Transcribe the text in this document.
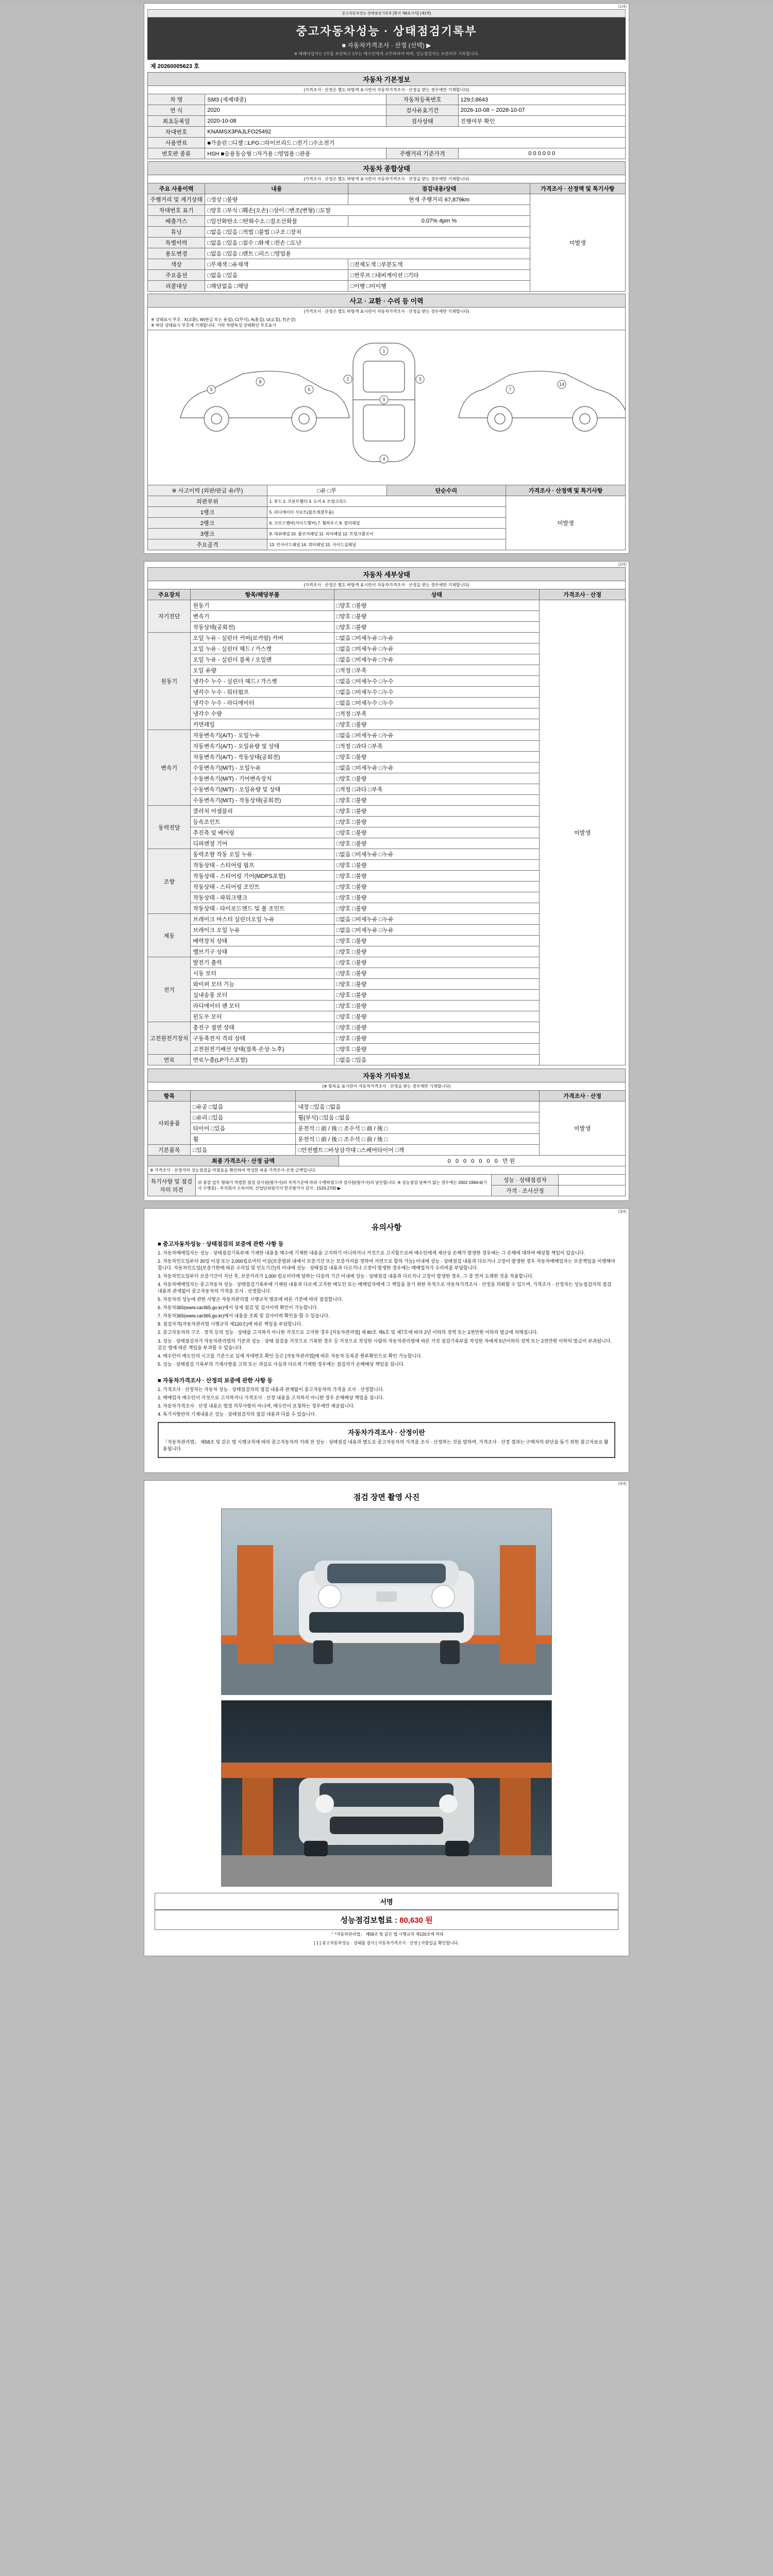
(1/4)
중고자동차성능·상태점검기록부 [별지 제6호서식] (제1쪽)
중고자동차성능 · 상태점검기록부
■ 자동차가격조사 · 산정 (선택) ▶
※ 매매사업자는 1부를 보관하고 1부는 매수인에게 교부하여야 하며, 성능점검자는 보관의무 기록합니다.
제 20260005623 호
자동차 기본정보
(가격조사 · 산정은 별도 바탕색 표시란이 자동차가격조사 · 산정을 받는 경우에만 기재합니다)
차 명	SM3 (세제대중)	자동차등록번호	129소8643
연 식	2020	검사유효기간	2026-10-08 ~ 2028-10-07
최초등록일	2020-10-08	검사상태	진행여부 확인
차대번호	KNAMSX3PAJLFO25492		
사용연료	■가솔린 □디젤 □LPG □하이브리드 □전기 □수소전기		
번호판 종류	HSH ■승용동승형 □자가용 □영업용 □관용	주행거리 기준가격	0 0 0 0 0 0
자동차 종합상태
(가격조사 · 산정은 별도 바탕색 표시란이 자동차가격조사 · 산정을 받는 경우에만 기재합니다)
주요 사용이력	내용	점검내용/상태	가격조사 · 산정액 및 특기사항
주행거리 및 계기상태	□정상 □불량	현재 주행거리 67,879km	미발생
차대번호 표기	□양호 □부식 □훼손(오손) □상이 □변조(변형) □도말		
배출가스	□일산화탄소 □탄화수소 □질소산화물	0.07% 4pm %	
튜닝	□없음 □있음 □적법 □불법 □구조 □장치		
특별이력	□없음 □있음 □침수 □화재 □전손 □도난		
용도변경	□없음 □있음 □렌트 □리스 □영업용		
색상	□무채색 □유채색	□전체도색 □부분도색	
주요옵션	□없음 □있음	□썬루프 □내비게이션 □기타	
리콜대상	□해당없음 □해당	□이행 □미이행	
사고 · 교환 · 수리 등 이력
(가격조사 · 산정은 별도 바탕색 표시란이 자동차가격조사 · 산정을 받는 경우에만 기재합니다)
※ 상태표시 부호 : X(교환), W(판금 또는 용접), C(부식), A(홈집), U(요철), T(손상)
※ 하단 상태표시 부호에 기재합니다. 기타 차량특성 상태확인 부호표시
1
2	3
4
9
5
8
6	7
14
※ 사고이력 (외판/판금 유/무)	□유 □무	단순수리	가격조사 · 산정액 및 특기사항
외판부위	1. 후드 2. 프론트휀더 3. 도어 4. 트렁크리드		미발생
1랭크	5. 라디에이터 서포트(볼트체결부품)		
2랭크	6. 크로스멤버(사이드멤버) 7. 휠하우스 8. 필러패널		
3랭크	9. 대쉬패널 10. 플로어패널 11. 리어패널 12. 트렁크플로어		
주요골격	13. 인사이드패널 14. 쿼터패널 15. 사이드실패널		
(2/4)
자동차 세부상태
(가격조사 · 산정은 별도 바탕색 표시란이 자동차가격조사 · 산정을 받는 경우에만 기재합니다)
주요장치	항목/해당부품	상태	가격조사 · 산정
자기진단	원동기	□양호 □불량	미발생
	변속기	□양호 □불량	
	작동상태(공회전)	□양호 □불량	
원동기	오일 누유 - 실린더 커버(로커암) 커버	□없음 □미세누유 □누유	
	오일 누유 - 실린더 헤드 / 가스켓	□없음 □미세누유 □누유	
	오일 누유 - 실린더 블록 / 오일팬	□없음 □미세누유 □누유	
	오일 유량	□적정 □부족	
	냉각수 누수 - 실린더 헤드 / 가스켓	□없음 □미세누수 □누수	
	냉각수 누수 - 워터펌프	□없음 □미세누수 □누수	
	냉각수 누수 - 라디에이터	□없음 □미세누수 □누수	
	냉각수 수량	□적정 □부족	
	커먼레일	□양호 □불량	
변속기	자동변속기(A/T) - 오일누유	□없음 □미세누유 □누유	
	자동변속기(A/T) - 오일유량 및 상태	□적정 □과다 □부족	
	자동변속기(A/T) - 작동상태(공회전)	□양호 □불량	
	수동변속기(M/T) - 오일누유	□없음 □미세누유 □누유	
	수동변속기(M/T) - 기어변속장치	□양호 □불량	
	수동변속기(M/T) - 오일유량 및 상태	□적정 □과다 □부족	
	수동변속기(M/T) - 작동상태(공회전)	□양호 □불량	
동력전달	클러치 어셈블리	□양호 □불량	
	등속조인트	□양호 □불량	
	추진축 및 베어링	□양호 □불량	
	디퍼렌셜 기어	□양호 □불량	
조향	동력조향 작동 오일 누유	□없음 □미세누유 □누유	
	작동상태 - 스티어링 펌프	□양호 □불량	
	작동상태 - 스티어링 기어(MDPS포함)	□양호 □불량	
	작동상태 - 스티어링 조인트	□양호 □불량	
	작동상태 - 파워크랭크	□양호 □불량	
	작동상태 - 타이로드엔드 및 볼 조인트	□양호 □불량	
제동	브레이크 마스터 실린더오일 누유	□없음 □미세누유 □누유	
	브레이크 오일 누유	□없음 □미세누유 □누유	
	배력장치 상태	□양호 □불량	
	밸브기구 상태	□양호 □불량	
전기	발전기 출력	□양호 □불량	
	시동 모터	□양호 □불량	
	와이퍼 모터 기능	□양호 □불량	
	실내송풍 모터	□양호 □불량	
	라디에이터 팬 모터	□양호 □불량	
	윈도우 모터	□양호 □불량	
고전원전기장치	충전구 절연 상태	□양호 □불량	
	구동축전지 격리 상태	□양호 □불량	
	고전원전기배선 상태(접촉·손상·노후)	□양호 □불량	
연료	연료누출(LP가스포함)	□없음 □있음	
자동차 기타정보
(※ 항목을 표시란이 자동차가격조사 · 산정을 받는 경우에만 기재합니다)
항목			가격조사 · 산정
사외용품	□유공 □없음	내장 □있음 □없음	미발생
	□유리 □있음	휠(부식) □있음 □없음	
	타이어 □있음	운전석 □ 前 / 後 □ 조수석 □ 前 / 後 □	
	휠	운전석 □ 前 / 後 □ 조수석 □ 前 / 後 □	
기본품목	□있음	□안전벨트 □비상삼각대 □스페어타이어 □잭	
최종 가격조사 · 산정 금액	0 0 0 0 0 0 0 만원
※ 가격조사 · 산정자의 성능점검을 마쳤음을 확인하여 작성한 최종 가격조사·산정 금액입니다.
특기사항 및 점검자의 의견	위 점검 업무 형태가 적법한 점검 검사원(평가사)의 자격기준에 따라 수행하였으며 검사원(평가사)의 날인합니다. ※ 성능점검 날짜가 없는 경우에는 2002-1994-6(기사 수행중) - 주식회사 소속이며, 산업단위평가사 한국평가사 검사 : 1533-2700 ▶	성능 · 상태점검자	
		가격 · 조사산정	
(3/4)
유의사항
■ 중고자동차성능 · 상태점검의 보증에 관한 사항 등

1. 자동차매매업자는 성능 · 상태점검기록부에 기재한 내용을 매수에 기재한 내용을 고지하기 아니하거나 거짓으로 고지할으로써 매수인에게 재산상 손해가 발생한 경우에는 그 손해에 대하여 배상할 책임이 있습니다.

2. 자동차인도일부터 30일 이상 또는 2,000킬로미터 이상(보증범위 내에서 보증기간 또는 보증거리를 정하여 서면으로 합의 가능) 이내에 성능 · 상태점검 내용과 다르거나 고장이 발생한 경우 자동차매매업자는 보증책임을 이행해야 합니다. 자동차인도일(보증기한에 따른 수리일 및 인도기간)의 이내에 성능 · 상태점검 내용과 다르거나 고장이 발생한 경우에는 매매업자가 수리비를 부담합니다.

3. 자동차인도일부터 보증기간이 지난 후, 보증거리가 1,000 킬로미터에 달하는 다음의 기간 이내에 성능 · 상태점검 내용과 다르거나 고장이 발생한 경우, 그 중 먼저 도래한 것을 적용합니다.

4. 자동차매매업자는 중고자동차 성능 · 상태점검기록부에 기재된 내용과 다르게 고지한 매도인 또는 매매업자에게 그 책임을 묻기 위한 목적으로 자동차가격조사 · 산정을 의뢰할 수 있으며, 가격조사 · 산정자는 성능점검자의 점검 내용과 관계없이 중고자동차의 가격을 조사 · 산정합니다.

5. 자동차의 성능에 관한 사항은 자동차관리법 시행규칙 별표에 따른 기준에 따라 점검합니다.

6. 자동차365(www.car365.go.kr)에서 상세 점검 및 검사이력 확인이 가능합니다.

7. 자동차365(www.car365.go.kr)에서 내용을 조회 및 검사이력 확인을 할 수 있습니다.

8. 점검자격(자동차관리법 시행규칙 제120조)에 따른 책임을 부담합니다.

2. 중고자동차의 구조 · 장치 등의 성능 · 상태를 고지하지 아니한 거짓으로 고지한 경우 [자동차관리법] 제 80조 제6호 및 제7호에 따라 2년 이하의 징역 또는 2천만원 이하의 벌금에 처해집니다.

3. 성능 · 상태점검자가 자동차관리법의 기준과 성능 · 상태 점검을 거짓으로 기록한 경우 등 거짓으로 작성한 사람의 자동차관리법에 따른 거짓 점검기록부를 작성한 자에게 5년이하의 징역 또는 2천만원 이하의 벌금이 부과됩니다. 같은 법에 따른 책임을 부과할 수 있습니다.

4. 매수인이 매도인의 시고를 기준으로 실제 차대번호 확인 등은 [자동차관리법]에 따른 자동차 등록증 원부확인으로 확인 가능합니다.

5. 성능 · 상태점검 기록부의 기재사항을 고의 또는 과실로 사실과 다르게 기재한 경우에는 점검자가 손해배상 책임을 집니다.

■ 자동차가격조사 · 산정의 보증에 관한 사항 등

1. 가격조사 · 산정자는 자동차 성능 · 상태점검자의 점검 내용과 관계없이 중고자동차의 가격을 조사 · 산정합니다.

2. 매매업자 매수인이 거짓으로 고지하거나 가격조사 · 산정 내용을 고지하지 아니한 경우 손해배상 책임을 집니다.

3. 자동차가격조사 · 산정 내용은 법정 의무사항이 아니며, 매수인이 요청하는 경우에만 제공됩니다.

4. 특기사항란의 기재내용은 성능 · 상태점검자의 점검 내용과 다를 수 있습니다.

자동차가격조사 · 산정이란
「자동차관리법」 제58조 및 같은 법 시행규칙에 따라 중고자동차의 거래 전 성능 · 상태점검 내용과 별도로 중고자동차의 가격을 조사 · 산정하는 것을 말하며, 가격조사 · 산정 결과는 구매자의 판단을 돕기 위한 참고자료로 활용됩니다.
(4/4)
점검 장면 촬영 사진
서명
성능점검보험료 : 80,630 원
「 *자동차관리법」 제58조 및 같은 법 시행규칙 제120조에 따라
[ 1 ] 중고자동차성능 · 상태를 검사 [ 자동차가격조사 · 산정 ] 사항입을 확인합니다.
